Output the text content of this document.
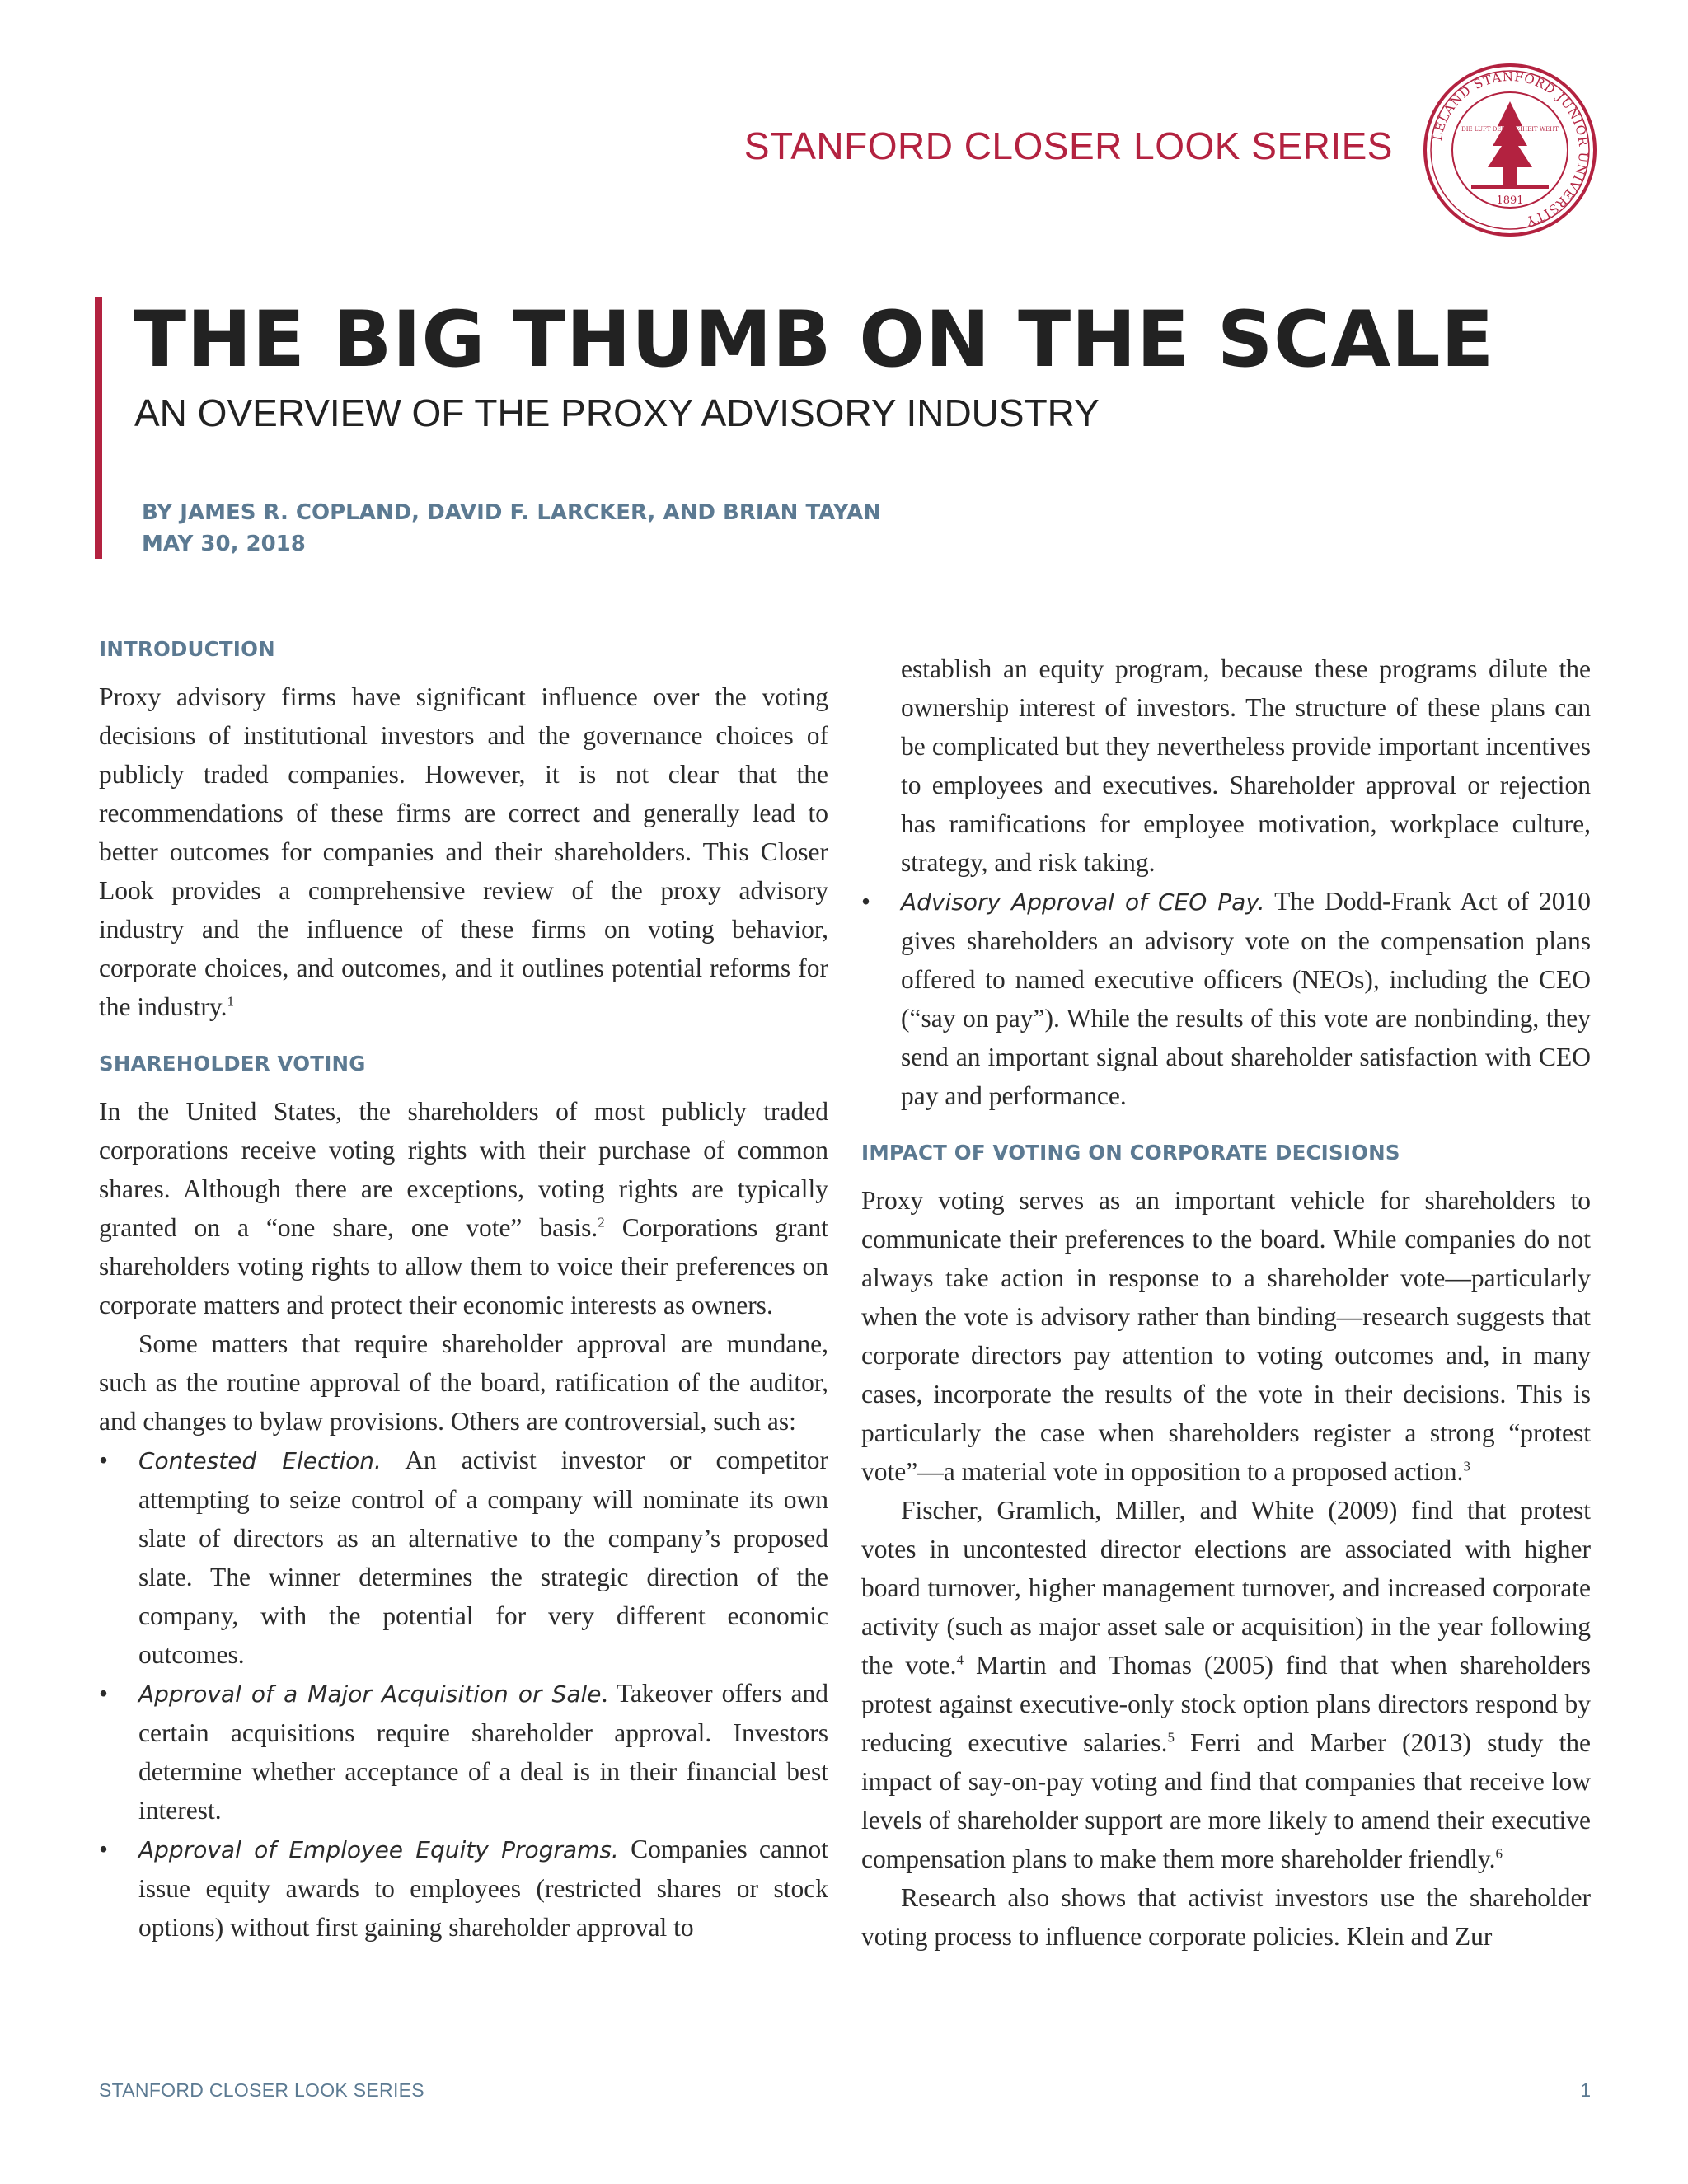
STANFORD CLOSER LOOK SERIES	LELAND STANFORD JUNIOR UNIVERSITY
DIE LUFT DER FREIHEIT WEHT
1891
THE BIG THUMB ON THE SCALE
AN OVERVIEW OF THE PROXY ADVISORY INDUSTRY
BY JAMES R. COPLAND, DAVID F. LARCKER, AND BRIAN TAYAN
MAY 30, 2018
INTRODUCTION

Proxy advisory firms have significant influence over the voting decisions of institutional investors and the governance choices of publicly traded companies. However, it is not clear that the recommendations of these firms are correct and generally lead to better outcomes for companies and their shareholders. This Closer Look provides a comprehensive review of the proxy advisory industry and the influence of these firms on voting behavior, corporate choices, and outcomes, and it outlines potential reforms for the industry.$^1$

SHAREHOLDER VOTING

In the United States, the shareholders of most publicly traded corporations receive voting rights with their purchase of common shares. Although there are exceptions, voting rights are typically granted on a “one share, one vote” basis.$^2$ Corporations grant shareholders voting rights to allow them to voice their preferences on corporate matters and protect their economic interests as owners.

Some matters that require shareholder approval are mundane, such as the routine approval of the board, ratification of the auditor, and changes to bylaw provisions. Others are controversial, such as:

• Contested Election. An activist investor or competitor attempting to seize control of a company will nominate its own slate of directors as an alternative to the company’s proposed slate. The winner determines the strategic direction of the company, with the potential for very different economic outcomes.
• Approval of a Major Acquisition or Sale. Takeover offers and certain acquisitions require shareholder approval. Investors determine whether acceptance of a deal is in their financial best interest.
• Approval of Employee Equity Programs. Companies cannot issue equity awards to employees (restricted shares or stock options) without first gaining shareholder approval to
establish an equity program, because these programs dilute the ownership interest of investors. The structure of these plans can be complicated but they nevertheless provide important incentives to employees and executives. Shareholder approval or rejection has ramifications for employee motivation, workplace culture, strategy, and risk taking.
• Advisory Approval of CEO Pay. The Dodd-Frank Act of 2010 gives shareholders an advisory vote on the compensation plans offered to named executive officers (NEOs), including the CEO (“say on pay”). While the results of this vote are nonbinding, they send an important signal about shareholder satisfaction with CEO pay and performance.
IMPACT OF VOTING ON CORPORATE DECISIONS

Proxy voting serves as an important vehicle for shareholders to communicate their preferences to the board. While companies do not always take action in response to a shareholder vote—particularly when the vote is advisory rather than binding—research suggests that corporate directors pay attention to voting outcomes and, in many cases, incorporate the results of the vote in their decisions. This is particularly the case when shareholders register a strong “protest vote”—a material vote in opposition to a proposed action.$^3$

Fischer, Gramlich, Miller, and White (2009) find that protest votes in uncontested director elections are associated with higher board turnover, higher management turnover, and increased corporate activity (such as major asset sale or acquisition) in the year following the vote.$^4$ Martin and Thomas (2005) find that when shareholders protest against executive-only stock option plans directors respond by reducing executive salaries.$^5$ Ferri and Marber (2013) study the impact of say-on-pay voting and find that companies that receive low levels of shareholder support are more likely to amend their executive compensation plans to make them more shareholder friendly.$^6$

Research also shows that activist investors use the shareholder voting process to influence corporate policies. Klein and Zur

STANFORD CLOSER LOOK SERIES	1
